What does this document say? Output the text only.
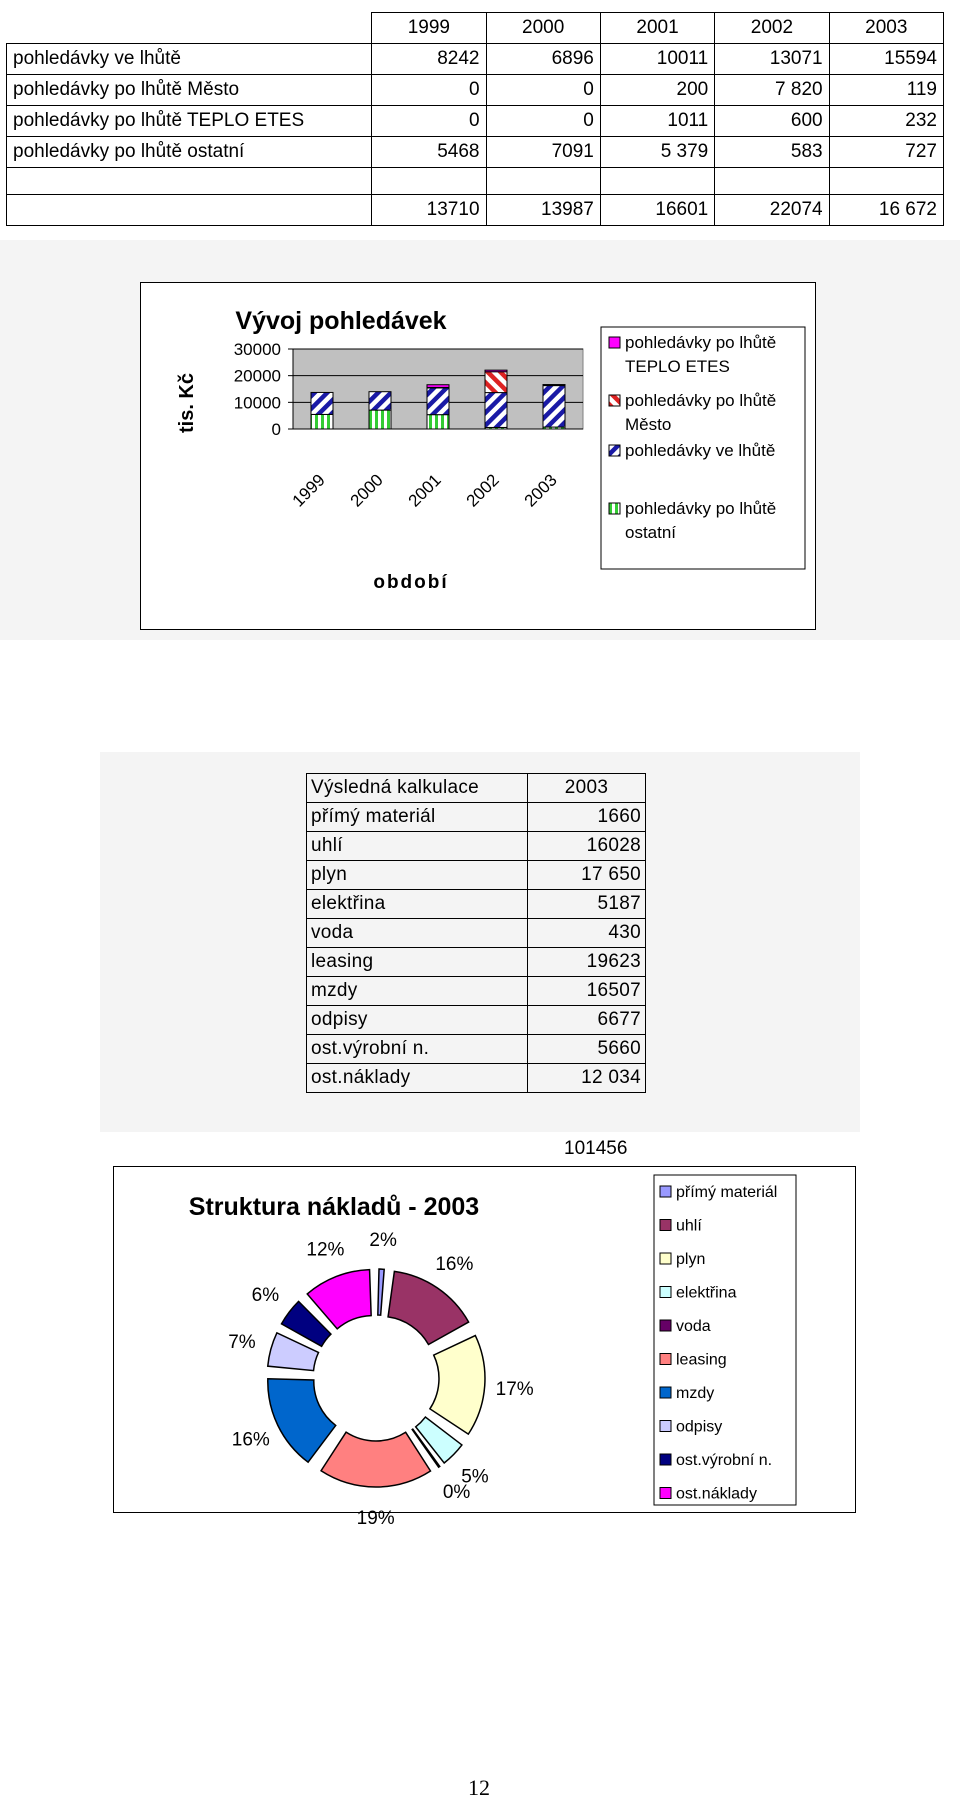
	1999	2000	2001	2002	2003
pohledávky ve lhůtě	8242	6896	10011	13071	15594
pohledávky po lhůtě Město	0	0	200	7 820	119
pohledávky po lhůtě TEPLO ETES	0	0	1011	600	232
pohledávky po lhůtě ostatní	5468	7091	5 379	583	727

	13710	13987	16601	22074	16 672
Vývoj pohledávek
tis. Kč
období
0
10000
20000
30000
1999 2000 2001 2002 2003
pohledávky po lhůtě TEPLO ETES
pohledávky po lhůtě Město
pohledávky ve lhůtě
pohledávky po lhůtě ostatní
Výsledná kalkulace	2003
přímý materiál	1660
uhlí	16028
plyn	17 650
elektřina	5187
voda	430
leasing	19623
mzdy	16507
odpisy	6677
ost.výrobní n.	5660
ost.náklady	12 034
101456
Struktura nákladů - 2003
2%
16%
17%
5%
0%
19%
16%
7%
6%
12%
přímý materiál
uhlí
plyn
elektřina
voda
leasing
mzdy
odpisy
ost.výrobní n.
ost.náklady
12
